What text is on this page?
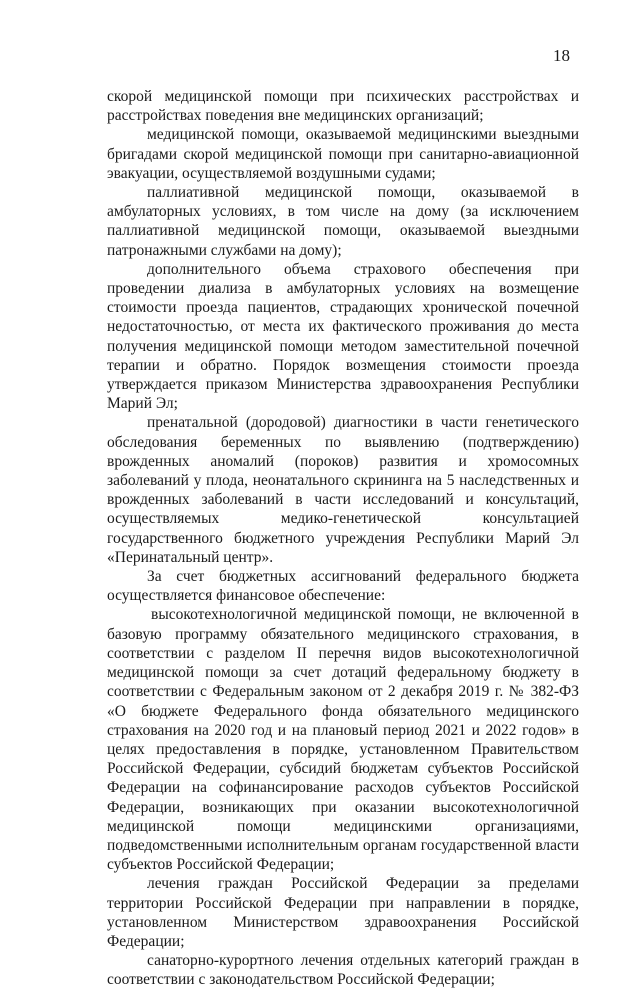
18

скорой медицинской помощи при психических расстройствах и расстройствах поведения вне медицинских организаций;

медицинской помощи, оказываемой медицинскими выездными бригадами скорой медицинской помощи при санитарно-авиационной эвакуации, осуществляемой воздушными судами;

паллиативной медицинской помощи, оказываемой в амбулаторных условиях, в том числе на дому (за исключением паллиативной медицинской помощи, оказываемой выездными патронажными службами на дому);

дополнительного объема страхового обеспечения при проведении диализа в амбулаторных условиях на возмещение стоимости проезда пациентов, страдающих хронической почечной недостаточностью, от места их фактического проживания до места получения медицинской помощи методом заместительной почечной терапии и обратно. Порядок возмещения стоимости проезда утверждается приказом Министерства здравоохранения Республики Марий Эл;

пренатальной (дородовой) диагностики в части генетического обследования беременных по выявлению (подтверждению) врожденных аномалий (пороков) развития и хромосомных заболеваний у плода, неонатального скрининга на 5 наследственных и врожденных заболеваний в части исследований и консультаций, осуществляемых медико-генетической консультацией государственного бюджетного учреждения Республики Марий Эл «Перинатальный центр».

За счет бюджетных ассигнований федерального бюджета осуществляется финансовое обеспечение:

высокотехнологичной медицинской помощи, не включенной в базовую программу обязательного медицинского страхования, в соответствии с разделом II перечня видов высокотехнологичной медицинской помощи за счет дотаций федеральному бюджету в соответствии с Федеральным законом от 2 декабря 2019 г. № 382-ФЗ «О бюджете Федерального фонда обязательного медицинского страхования на 2020 год и на плановый период 2021 и 2022 годов» в целях предоставления в порядке, установленном Правительством Российской Федерации, субсидий бюджетам субъектов Российской Федерации на софинансирование расходов субъектов Российской Федерации, возникающих при оказании высокотехнологичной медицинской помощи медицинскими организациями, подведомственными исполнительным органам государственной власти субъектов Российской Федерации;

лечения граждан Российской Федерации за пределами территории Российской Федерации при направлении в порядке, установленном Министерством здравоохранения Российской Федерации;

санаторно-курортного лечения отдельных категорий граждан в соответствии с законодательством Российской Федерации;
